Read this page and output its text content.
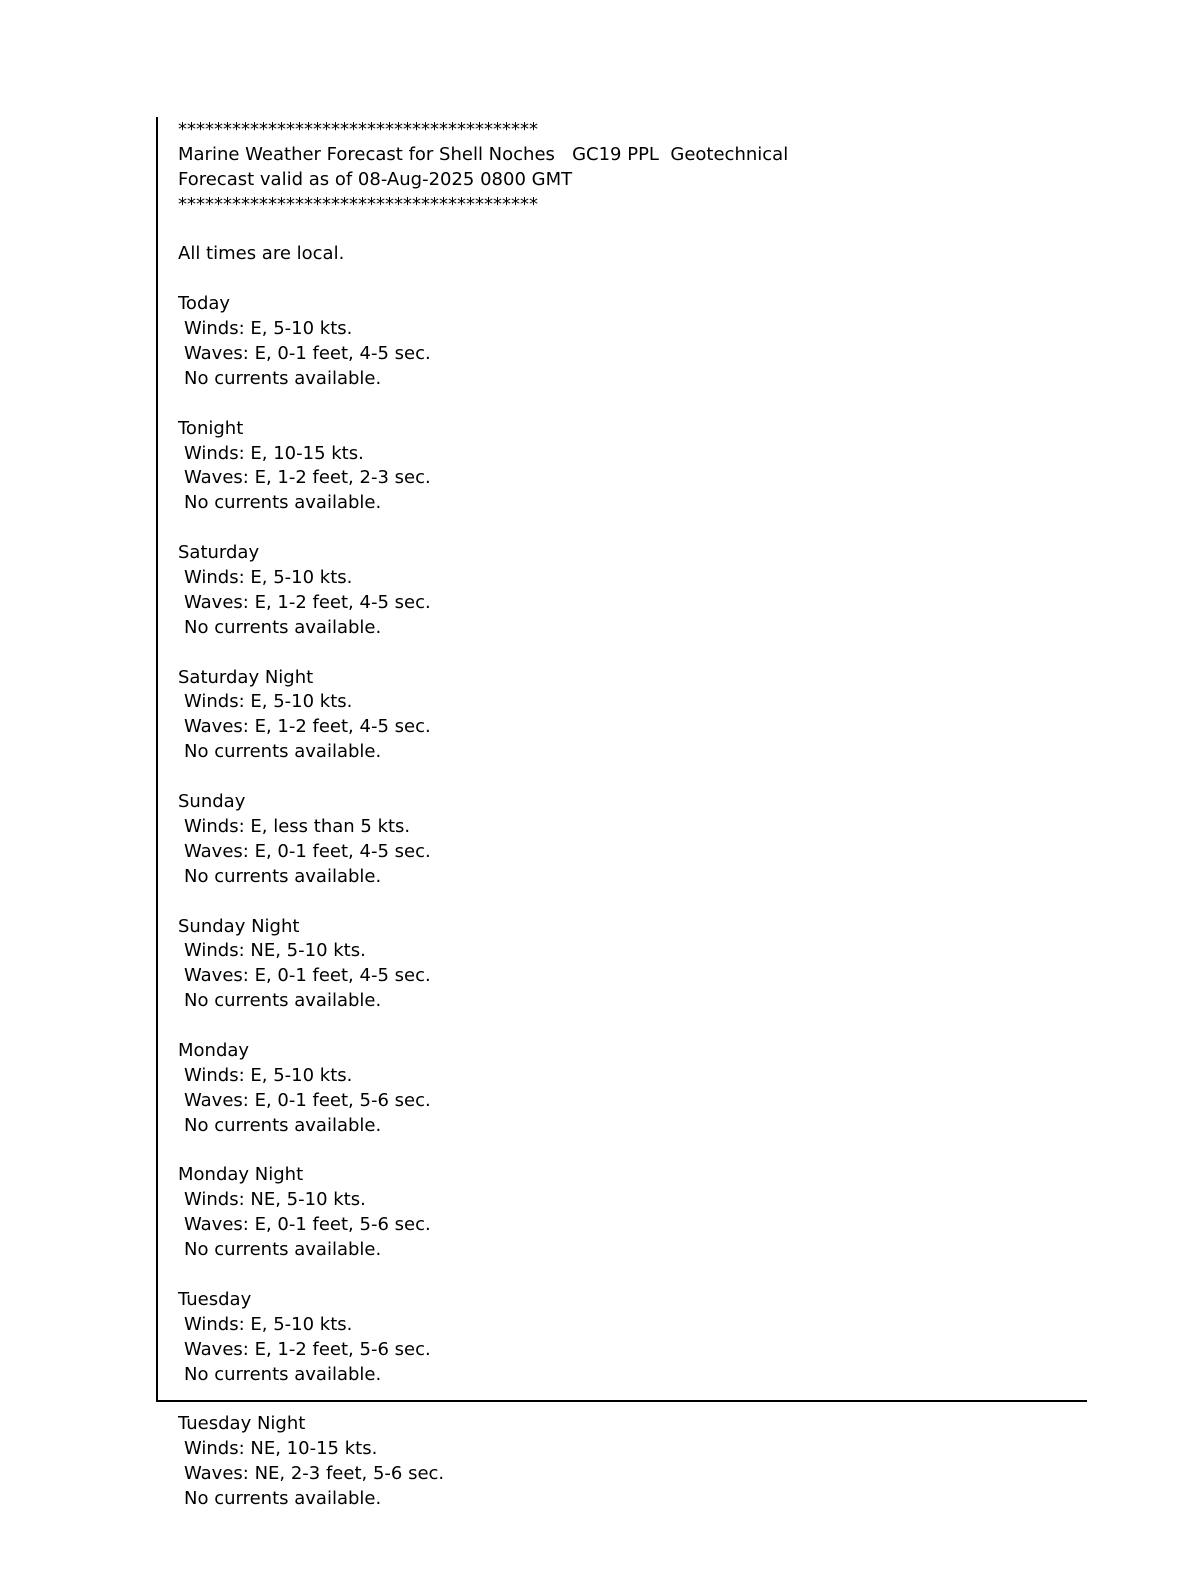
****************************************
Marine Weather Forecast for Shell Noches   GC19 PPL  Geotechnical
Forecast valid as of 08-Aug-2025 0800 GMT
****************************************
All times are local.
Today
Winds: E, 5-10 kts.
Waves: E, 0-1 feet, 4-5 sec.
No currents available.
Tonight
Winds: E, 10-15 kts.
Waves: E, 1-2 feet, 2-3 sec.
No currents available.
Saturday
Winds: E, 5-10 kts.
Waves: E, 1-2 feet, 4-5 sec.
No currents available.
Saturday Night
Winds: E, 5-10 kts.
Waves: E, 1-2 feet, 4-5 sec.
No currents available.
Sunday
Winds: E, less than 5 kts.
Waves: E, 0-1 feet, 4-5 sec.
No currents available.
Sunday Night
Winds: NE, 5-10 kts.
Waves: E, 0-1 feet, 4-5 sec.
No currents available.
Monday
Winds: E, 5-10 kts.
Waves: E, 0-1 feet, 5-6 sec.
No currents available.
Monday Night
Winds: NE, 5-10 kts.
Waves: E, 0-1 feet, 5-6 sec.
No currents available.
Tuesday
Winds: E, 5-10 kts.
Waves: E, 1-2 feet, 5-6 sec.
No currents available.
Tuesday Night
Winds: NE, 10-15 kts.
Waves: NE, 2-3 feet, 5-6 sec.
No currents available.
